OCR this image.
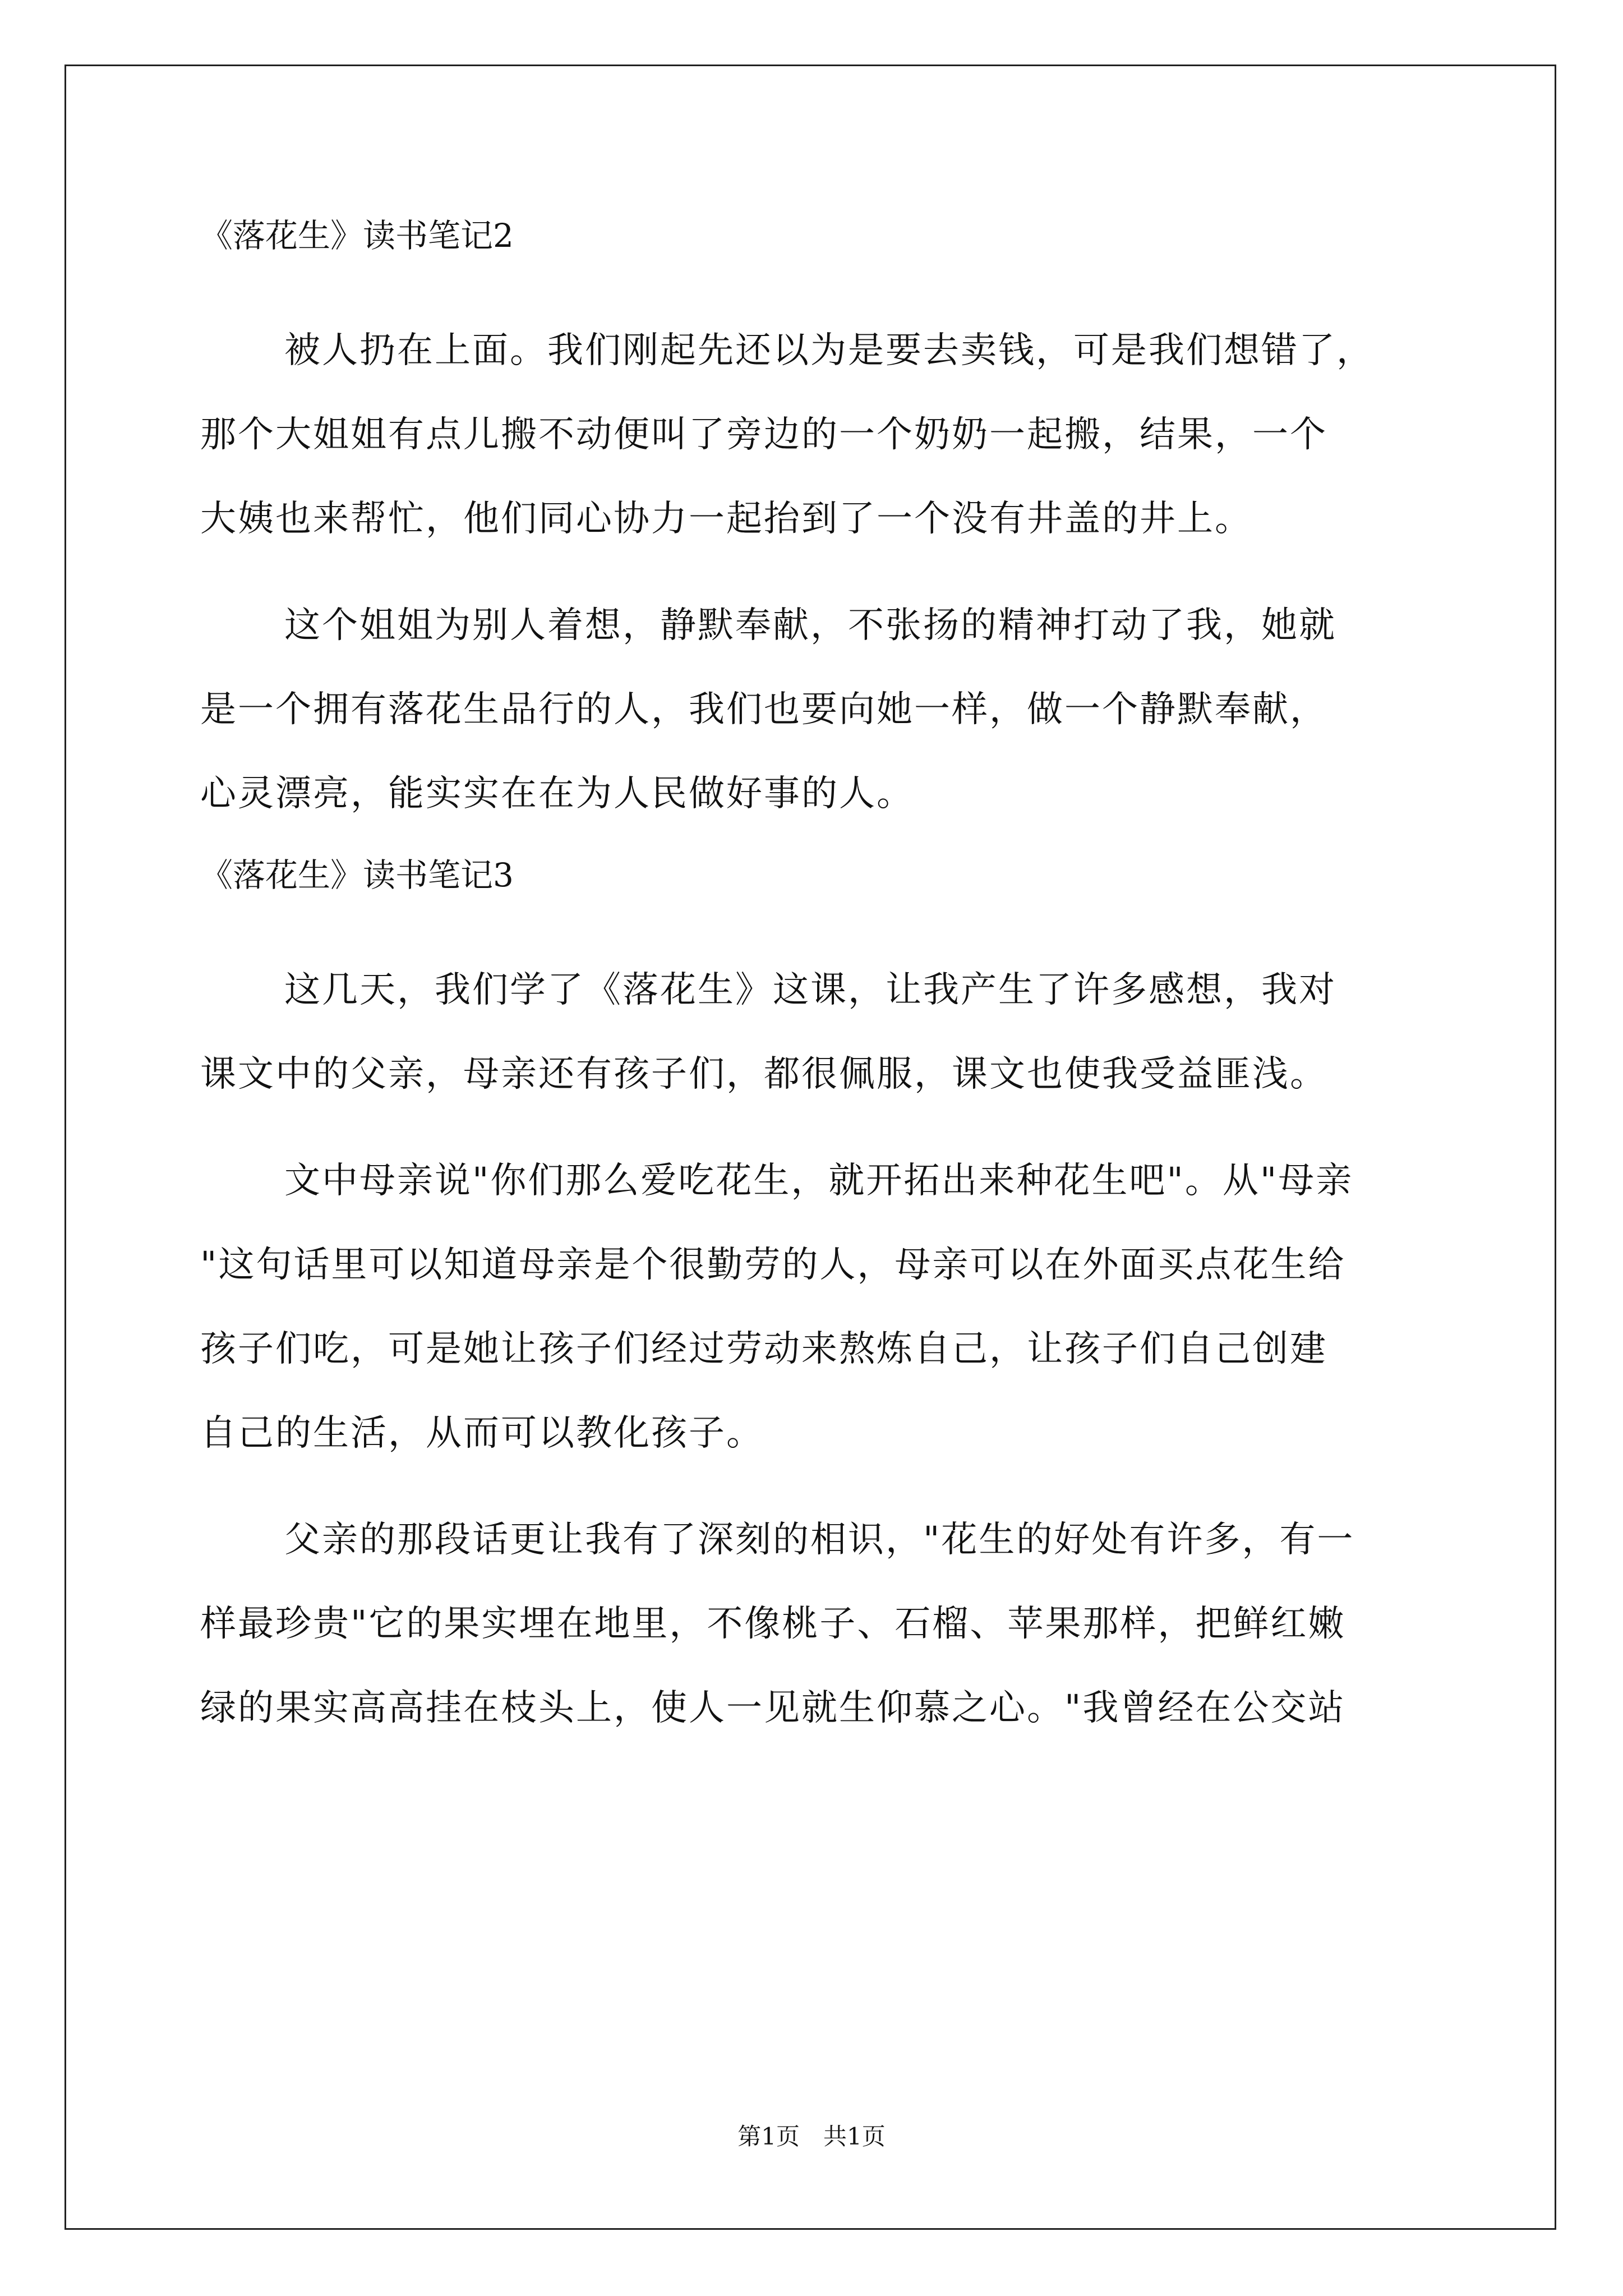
《落花生》读书笔记2

被人扔在上面。我们刚起先还以为是要去卖钱，可是我们想错了，
那个大姐姐有点儿搬不动便叫了旁边的一个奶奶一起搬，结果，一个
大姨也来帮忙，他们同心协力一起抬到了一个没有井盖的井上。

这个姐姐为别人着想，静默奉献，不张扬的精神打动了我，她就
是一个拥有落花生品行的人，我们也要向她一样，做一个静默奉献，
心灵漂亮，能实实在在为人民做好事的人。

《落花生》读书笔记3

这几天，我们学了《落花生》这课，让我产生了许多感想，我对
课文中的父亲，母亲还有孩子们，都很佩服，课文也使我受益匪浅。

文中母亲说"你们那么爱吃花生，就开拓出来种花生吧"。从"母亲
"这句话里可以知道母亲是个很勤劳的人，母亲可以在外面买点花生给
孩子们吃，可是她让孩子们经过劳动来熬炼自己，让孩子们自己创建
自己的生活，从而可以教化孩子。

父亲的那段话更让我有了深刻的相识，"花生的好处有许多，有一
样最珍贵"它的果实埋在地里，不像桃子、石榴、苹果那样，把鲜红嫩
绿的果实高高挂在枝头上，使人一见就生仰慕之心。"我曾经在公交站

第1页　共1页
